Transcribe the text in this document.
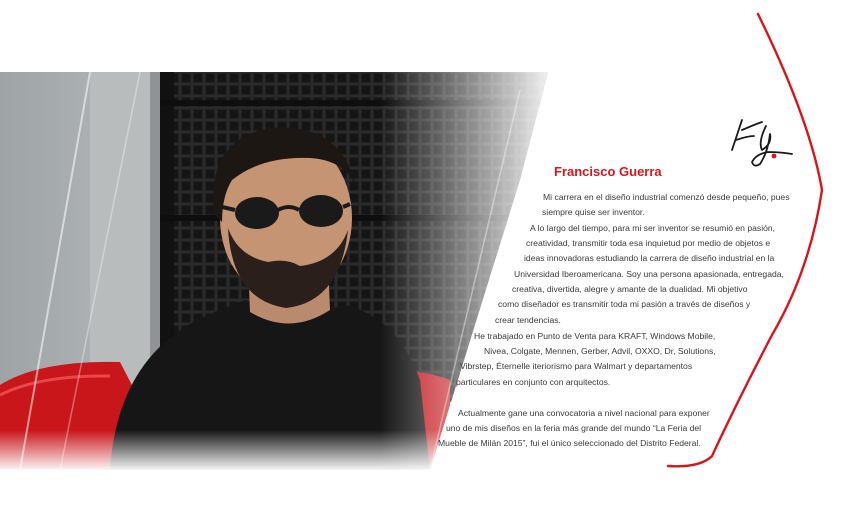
Francisco Guerra
Mi carrera en el diseño industrial comenzó desde pequeño, pues
siempre quise ser inventor.
A lo largo del tiempo, para mi ser inventor se resumió en pasión,
creatividad, transmitir toda esa inquietud por medio de objetos e
ideas innovadoras estudiando la carrera de diseño industrial en la
Universidad Iberoamericana. Soy una persona apasionada, entregada,
creativa, divertida, alegre y amante de la dualidad. Mi objetivo
como diseñador es transmitir toda mi pasión a través de diseños y
crear tendencias.
He trabajado en Punto de Venta para KRAFT, Windows Mobile,
Nivea, Colgate, Mennen, Gerber, Advil, OXXO, Dr, Solutions,
Vibrstep, Éternelle iteriorismo para Walmart y departamentos
particulares en conjunto con arquitectos.
Actualmente gane una convocatoria a nivel nacional para exponer
uno de mis diseños en la feria más grande del mundo “La Feria del
Mueble de Milán 2015”, fui el único seleccionado del Distrito Federal.
